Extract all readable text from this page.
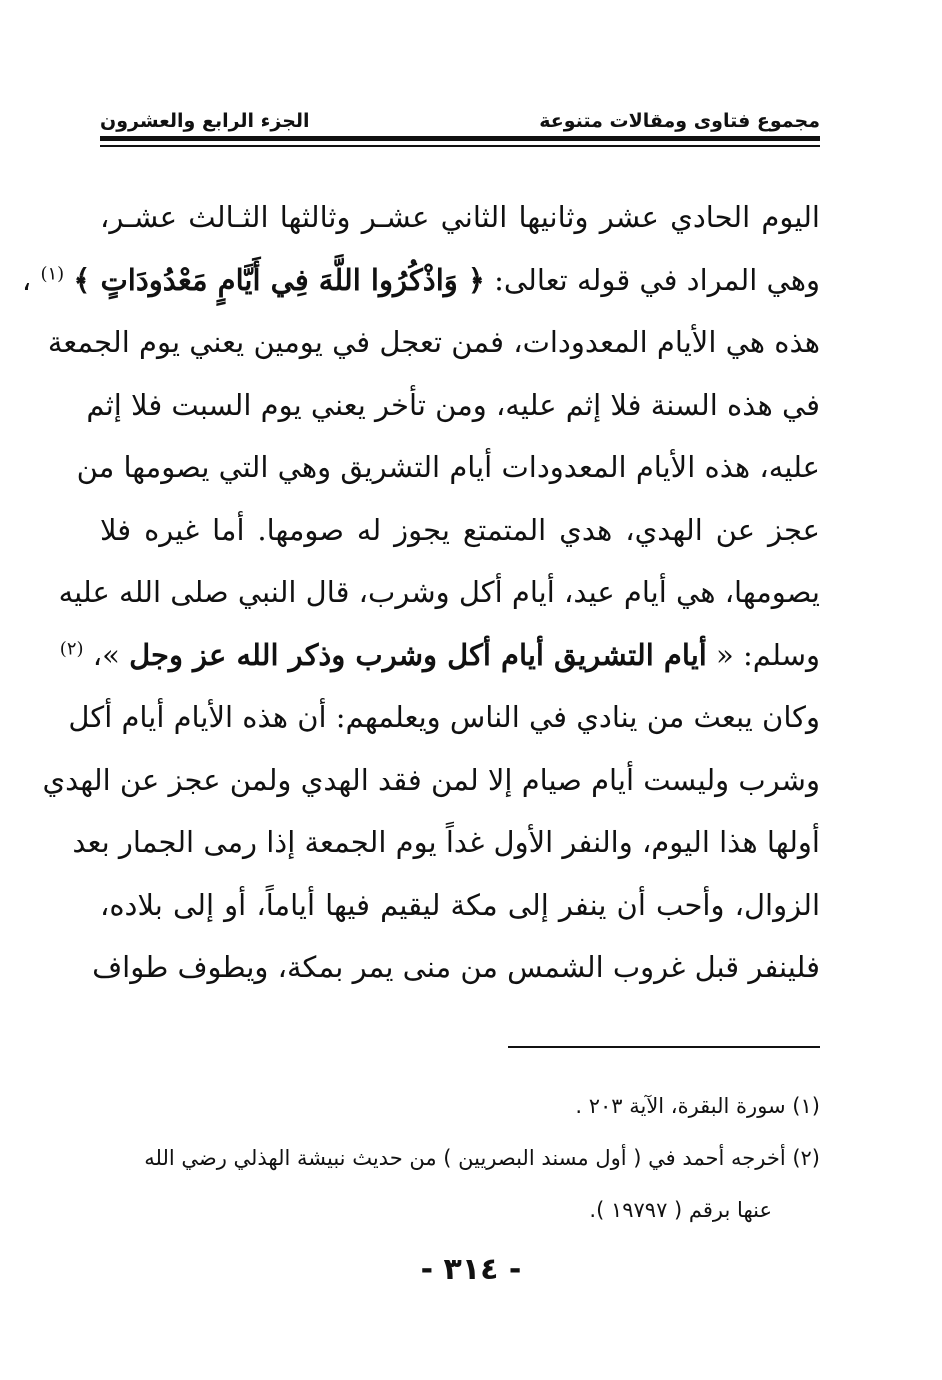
مجموع فتاوى ومقالات متنوعة
الجزء الرابع والعشرون
اليوم الحادي عشر وثانيها الثاني عشـر وثالثها الثـالث عشـر،
وهي المراد في قوله تعالى: ﴿ وَاذْكُرُوا اللَّهَ فِي أَيَّامٍ مَعْدُودَاتٍ ﴾ $^{(١)}$ ،
هذه هي الأيام المعدودات، فمن تعجل في يومين يعني يوم الجمعة
في هذه السنة فلا إثم عليه، ومن تأخر يعني يوم السبت فلا إثم
عليه، هذه الأيام المعدودات أيام التشريق وهي التي يصومها من
عجز عن الهدي، هدي المتمتع يجوز له صومها. أما غيره فلا
يصومها، هي أيام عيد، أيام أكل وشرب، قال النبي صلى الله عليه
وسلم: « أيام التشريق أيام أكل وشرب وذكر الله عز وجل »، $^{(٢)}$
وكان يبعث من ينادي في الناس ويعلمهم: أن هذه الأيام أيام أكل
وشرب وليست أيام صيام إلا لمن فقد الهدي ولمن عجز عن الهدي
أولها هذا اليوم، والنفر الأول غداً يوم الجمعة إذا رمى الجمار بعد
الزوال، وأحب أن ينفر إلى مكة ليقيم فيها أياماً، أو إلى بلاده،
فلينفر قبل غروب الشمس من منى يمر بمكة، ويطوف طواف
(١) سورة البقرة، الآية ٢٠٣ .
(٢) أخرجه أحمد في ( أول مسند البصريين ) من حديث نبيشة الهذلي رضي الله
عنها برقم ( ١٩٧٩٧ ).
- ٣١٤ -
